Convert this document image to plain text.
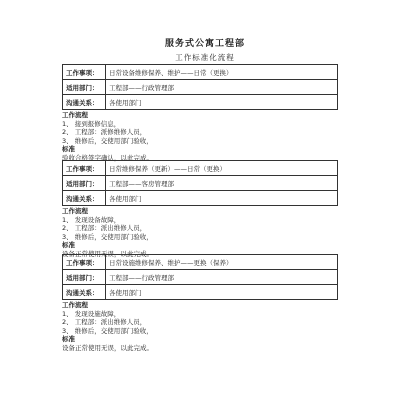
服务式公寓工程部
工作标准化流程
工作事项：	日常设备维修保养、维护——日常（更换）
适用部门：	工程部——行政管理部
沟通关系：	各使用部门
工作流程
1、 接到报修信息，
2、 工程部：派修维修人员，
3、 维修后，交使用部门验收，
标准
验收合格签字确认，以此完成。
工作事项：	日常维修保养（更新）——日常（更换）
适用部门：	工程部——客房管理部
沟通关系：	各使用部门
工作流程
1、 发现设备故障，
2、 工程部：派出维修人员，
3、 维修后，交使用部门验收，
标准
设备正常使用无误，以此完成。
工作事项：	日常设施维修保养、维护——更换（保养）
适用部门：	工程部——行政管理部
沟通关系：	各使用部门
工作流程
1、 发现设施故障，
2、 工程部：派出维修人员，
3、 维修后，交使用部门验收，
标准
设备正常使用无误，以此完成。
